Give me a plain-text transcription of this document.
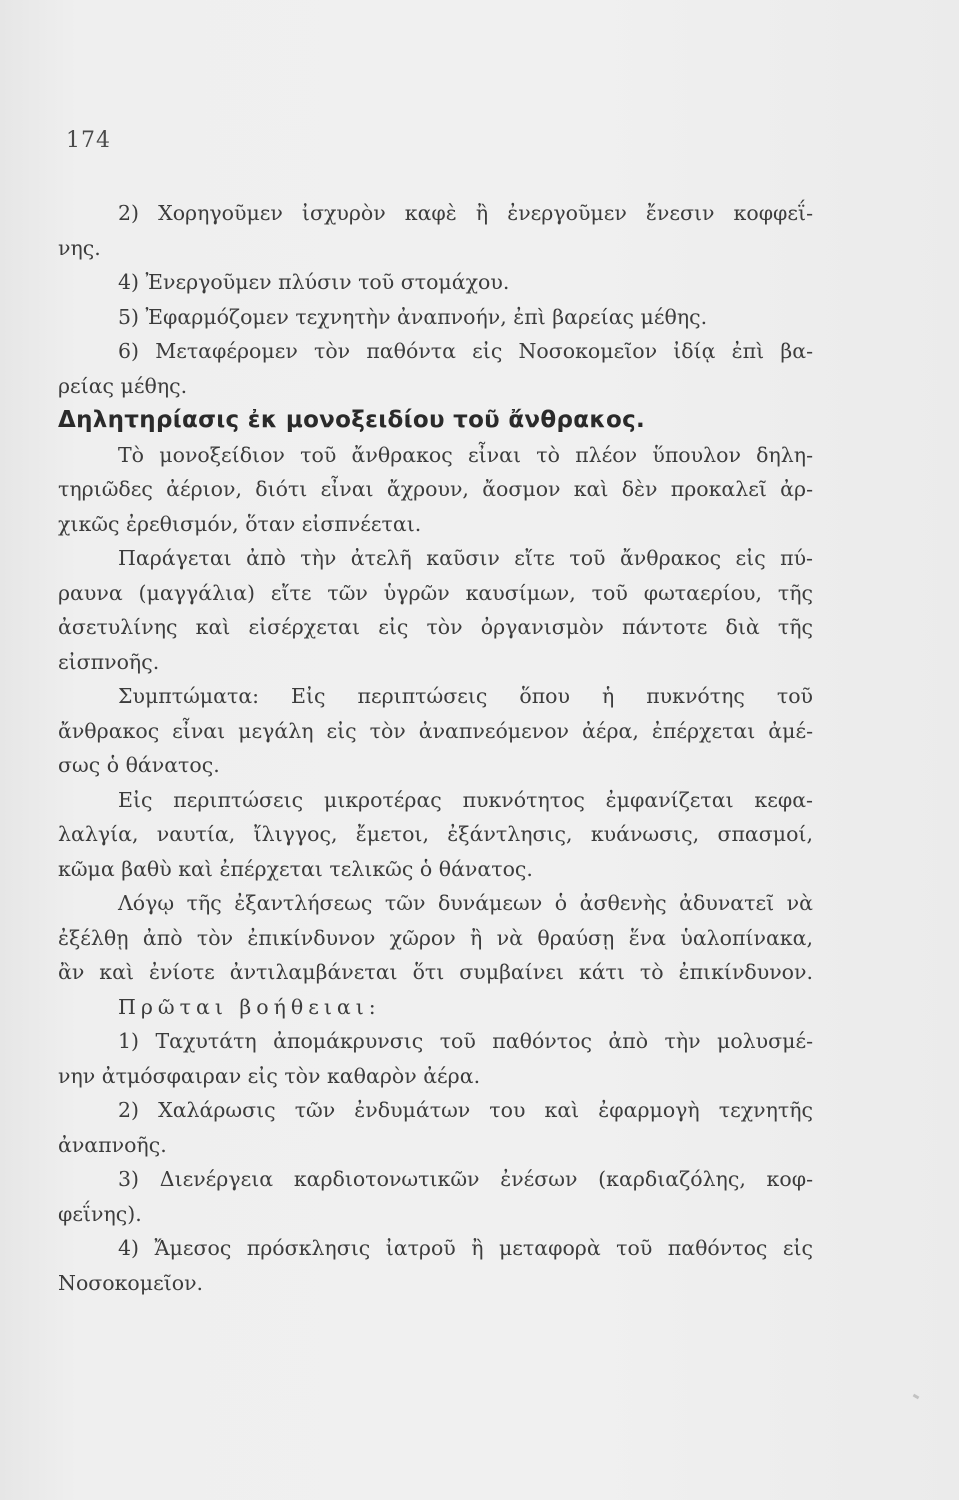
174
2) Χορηγοῦμεν ἰσχυρὸν καφὲ ἢ ἐνεργοῦμεν ἔνεσιν κοφφεΐ-
νης.
4) Ἐνεργοῦμεν πλύσιν τοῦ στομάχου.
5) Ἐφαρμόζομεν τεχνητὴν ἀναπνοήν, ἐπὶ βαρείας μέθης.
6) Μεταφέρομεν τὸν παθόντα εἰς Νοσοκομεῖον ἰδίᾳ ἐπὶ βα-
ρείας μέθης.
Δηλητηρίασις ἐκ μονοξειδίου τοῦ ἄνθρακος.
Τὸ μονοξείδιον τοῦ ἄνθρακος εἶναι τὸ πλέον ὕπουλον δηλη-
τηριῶδες ἀέριον, διότι εἶναι ἄχρουν, ἄοσμον καὶ δὲν προκαλεῖ ἀρ-
χικῶς ἐρεθισμόν, ὅταν εἰσπνέεται.
Παράγεται ἀπὸ τὴν ἀτελῆ καῦσιν εἴτε τοῦ ἄνθρακος εἰς πύ-
ραυνα (μαγγάλια) εἴτε τῶν ὑγρῶν καυσίμων, τοῦ φωταερίου, τῆς
ἀσετυλίνης καὶ εἰσέρχεται εἰς τὸν ὀργανισμὸν πάντοτε διὰ τῆς
εἰσπνοῆς.
Συμπτώματα: Εἰς περιπτώσεις ὅπου ἡ πυκνότης τοῦ
ἄνθρακος εἶναι μεγάλη εἰς τὸν ἀναπνεόμενον ἀέρα, ἐπέρχεται ἀμέ-
σως ὁ θάνατος.
Εἰς περιπτώσεις μικροτέρας πυκνότητος ἐμφανίζεται κεφα-
λαλγία, ναυτία, ἴλιγγος, ἔμετοι, ἐξάντλησις, κυάνωσις, σπασμοί,
κῶμα βαθὺ καὶ ἐπέρχεται τελικῶς ὁ θάνατος.
Λόγῳ τῆς ἐξαντλήσεως τῶν δυνάμεων ὁ ἀσθενὴς ἀδυνατεῖ νὰ
ἐξέλθῃ ἀπὸ τὸν ἐπικίνδυνον χῶρον ἢ νὰ θραύσῃ ἕνα ὑαλοπίνακα,
ἂν καὶ ἐνίοτε ἀντιλαμβάνεται ὅτι συμβαίνει κάτι τὸ ἐπικίνδυνον.
Πρῶται βοήθειαι:
1) Ταχυτάτη ἀπομάκρυνσις τοῦ παθόντος ἀπὸ τὴν μολυσμέ-
νην ἀτμόσφαιραν εἰς τὸν καθαρὸν ἀέρα.
2) Χαλάρωσις τῶν ἐνδυμάτων του καὶ ἐφαρμογὴ τεχνητῆς
ἀναπνοῆς.
3) Διενέργεια καρδιοτονωτικῶν ἐνέσων (καρδιαζόλης, κοφ-
φεΐνης).
4) Ἄμεσος πρόσκλησις ἰατροῦ ἢ μεταφορὰ τοῦ παθόντος εἰς
Νοσοκομεῖον.
